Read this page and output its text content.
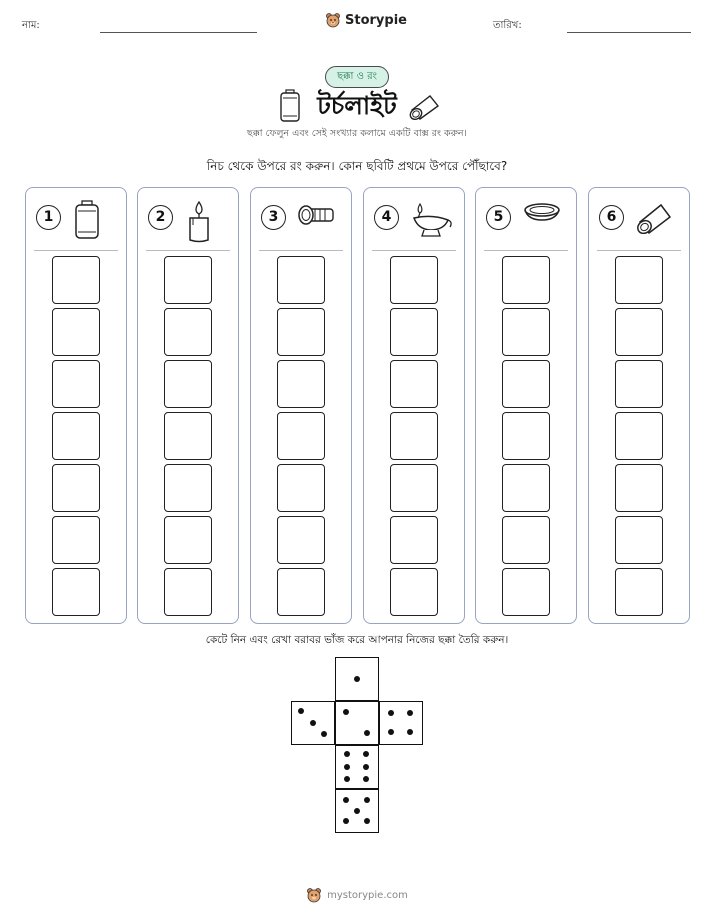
নাম:	Storypie	তারিখ:
ছক্কা ও রং
টর্চলাইট
ছক্কা ফেলুন এবং সেই সংখ্যার কলামে একটি বাক্স রং করুন।
নিচ থেকে উপরে রং করুন। কোন ছবিটি প্রথমে উপরে পৌঁছাবে?
1	2	3	4	5	6
কেটে নিন এবং রেখা বরাবর ভাঁজ করে আপনার নিজের ছক্কা তৈরি করুন।
mystorypie.com
